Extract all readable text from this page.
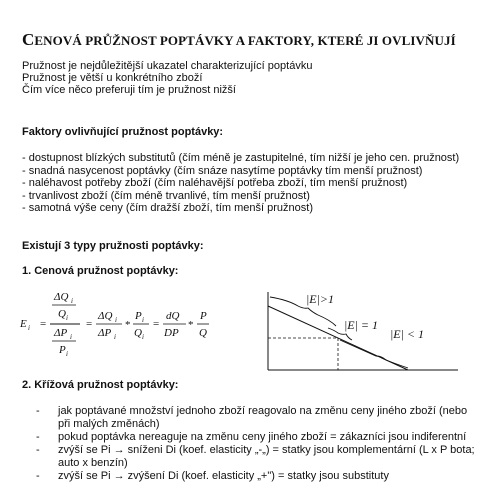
CENOVÁ PRŮŽNOST POPTÁVKY A FAKTORY, KTERÉ JI OVLIVŇUJÍ
Pružnost je nejdůležitější ukazatel charakterizující poptávku
Pružnost je větší u konkrétního zboží
Čím více něco preferuji tím je pružnost nižší
Faktory ovlivňující pružnost poptávky:
- dostupnost blízkých substitutů (čím méně je zastupitelné, tím nižší je jeho cen. pružnost)
- snadná nasycenost poptávky (čím snáze nasytíme poptávky tím menší pružnost)
- naléhavost potřeby zboží (čím naléhavější potřeba zboží, tím menší pružnost)
- trvanlivost zboží (čím méně trvanlivé, tím menší pružnost)
- samotná výše ceny (čím dražší zboží, tím menší pružnost)
Existují 3 typy pružnosti poptávky:
1. Cenová pružnost poptávky:
E i =
ΔQ i
Q i
ΔP i
P i
=
ΔQ i
ΔP i
*
P i
Q i
=
dQ
DP
*
P
Q
|E|>1
|E| = 1
|E| < 1
2. Křížová pružnost poptávky:
-	jak poptávané množství jednoho zboží reagovalo na změnu ceny jiného zboží (nebo při malých změnách)
-	pokud poptávka nereaguje na změnu ceny jiného zboží = zákazníci jsou indiferentní
-	zvýší se Pi → sníženi Di (koef. elasticity „-„) = statky jsou komplementární (L x P bota; auto x benzín)
-	zvýší se Pi → zvýšení Di (koef. elasticity „+") = statky jsou substituty
